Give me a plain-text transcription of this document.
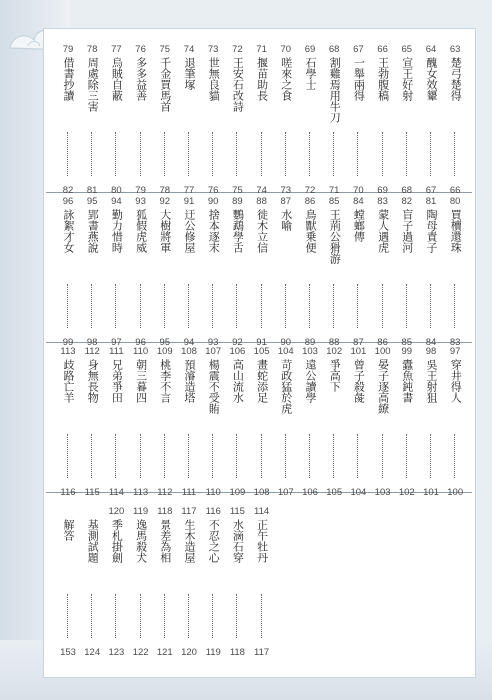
79
借書抄讀
82
78
周處除三害
81
77
烏賊自蔽
80
76
多多益善
79
75
千金買馬首
78
74
退筆塚
77
73
世無良貓
76
72
王安石改詩
75
71
揠苗助長
74
70
嗟來之食
73
69
石學士
72
68
割雞焉用牛刀
71
67
一舉兩得
70
66
王勃腹稿
69
65
宣王好射
68
64
醜女效顰
67
63
楚弓楚得
66
96
詠絮才女
99
95
郢書燕說
98
94
勤力惜時
97
93
狐假虎威
96
92
大樹將軍
95
91
迂公修屋
94
90
捨本逐末
93
89
鸚鵡學舌
92
88
徙木立信
91
87
水喻
90
86
鳥獸乗便
89
85
王荊公猾游
88
84
螳螂傳
87
83
蒙人遇虎
86
82
盲子過河
85
81
陶母責子
84
80
買櫝還珠
83
113
歧路亡羊
116
112
身無長物
115
111
兄弟爭田
114
110
朝三暮四
113
109
桃李不言
112
108
預濬造塔
111
107
楊震不受賄
110
106
高山流水
109
105
畫蛇添足
108
104
苛政猛於虎
107
103
遠公讀學
106
102
爭高下
105
101
曾子殺彘
104
100
晏子逐高繚
103
99
蠹魚鈍書
102
98
吳王射狙
101
97
穿井得人
100
解答
153
基測試題
124
120
季札掛劍
123
119
逸馬殺犬
122
118
景差為相
121
117
生木造屋
120
116
不忍之心
119
115
水滴石穿
118
114
正午牡丹
117
